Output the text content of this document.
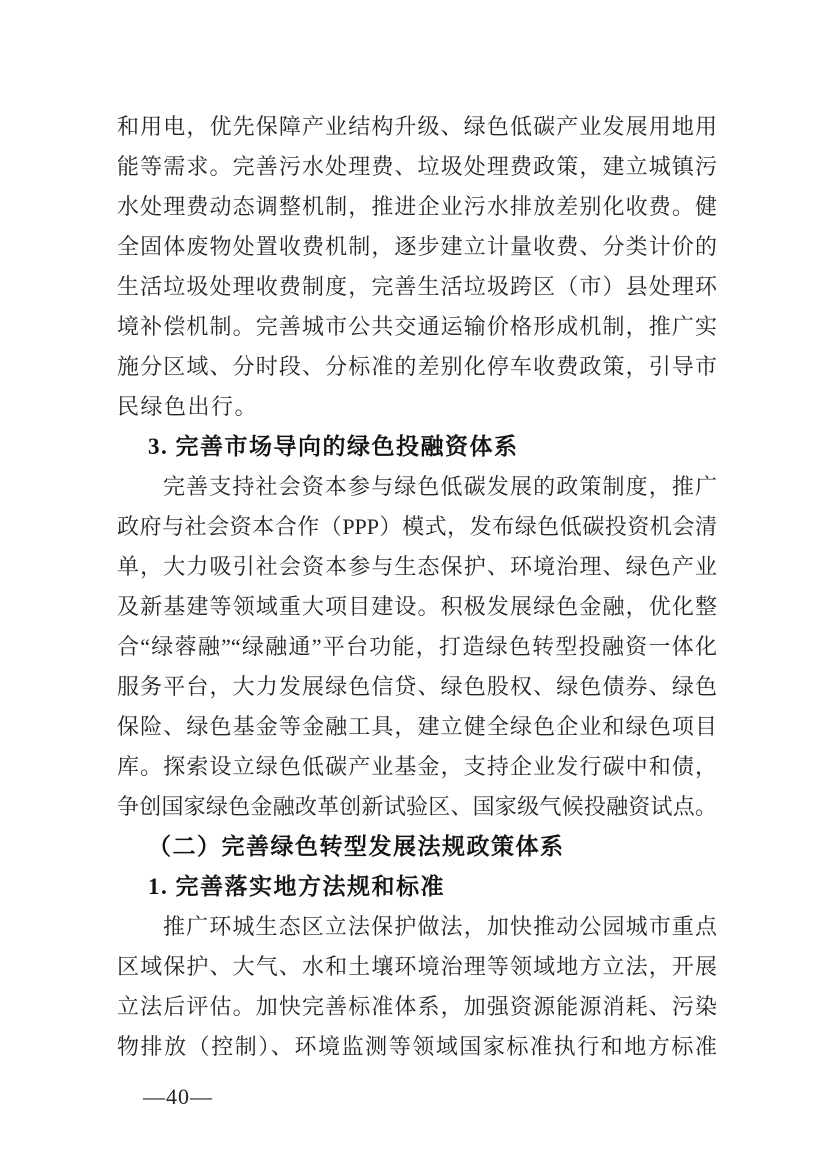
和用电，优先保障产业结构升级、绿色低碳产业发展用地用
能等需求。完善污水处理费、垃圾处理费政策，建立城镇污
水处理费动态调整机制，推进企业污水排放差别化收费。健
全固体废物处置收费机制，逐步建立计量收费、分类计价的
生活垃圾处理收费制度，完善生活垃圾跨区（市）县处理环
境补偿机制。完善城市公共交通运输价格形成机制，推广实
施分区域、分时段、分标准的差别化停车收费政策，引导市
民绿色出行。
3. 完善市场导向的绿色投融资体系
完善支持社会资本参与绿色低碳发展的政策制度，推广
政府与社会资本合作（PPP）模式，发布绿色低碳投资机会清
单，大力吸引社会资本参与生态保护、环境治理、绿色产业
及新基建等领域重大项目建设。积极发展绿色金融，优化整
合“绿蓉融”“绿融通”平台功能，打造绿色转型投融资一体化
服务平台，大力发展绿色信贷、绿色股权、绿色债券、绿色
保险、绿色基金等金融工具，建立健全绿色企业和绿色项目
库。探索设立绿色低碳产业基金，支持企业发行碳中和债，
争创国家绿色金融改革创新试验区、国家级气候投融资试点。
（二）完善绿色转型发展法规政策体系
1. 完善落实地方法规和标准
推广环城生态区立法保护做法，加快推动公园城市重点
区域保护、大气、水和土壤环境治理等领域地方立法，开展
立法后评估。加快完善标准体系，加强资源能源消耗、污染
物排放（控制）、环境监测等领域国家标准执行和地方标准
—40—
